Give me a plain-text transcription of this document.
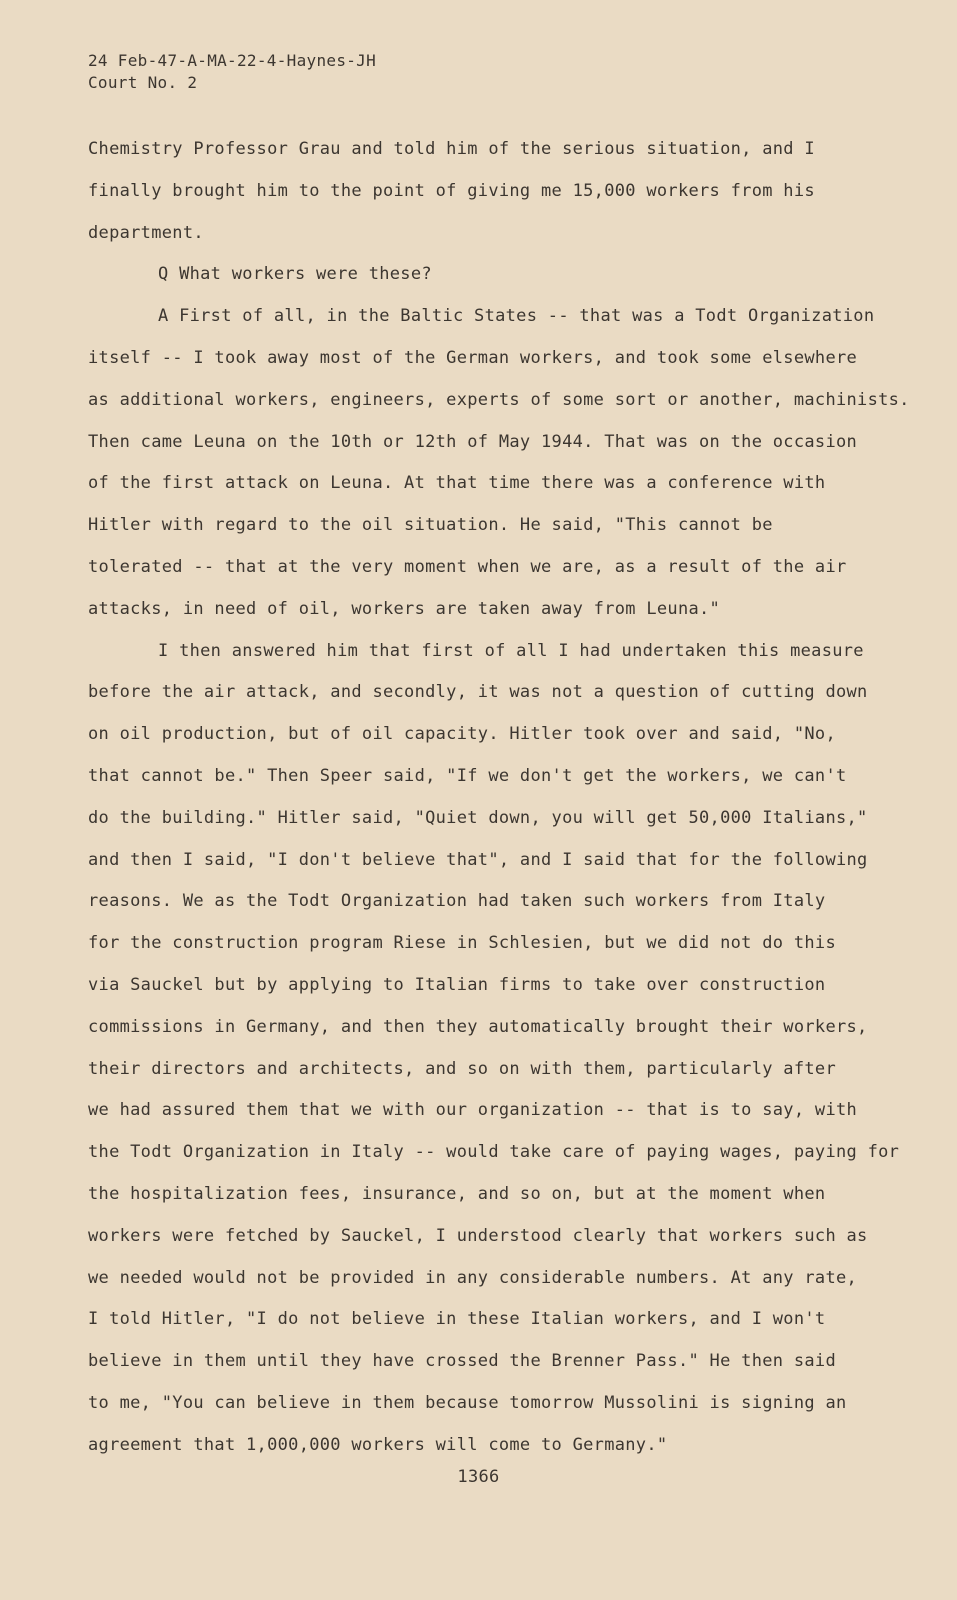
24 Feb-47-A-MA-22-4-Haynes-JH
Court No. 2
Chemistry Professor Grau and told him of the serious situation, and I
finally brought him to the point of giving me 15,000 workers from his
department.
Q What workers were these?
A First of all, in the Baltic States -- that was a Todt Organization
itself -- I took away most of the German workers, and took some elsewhere
as additional workers, engineers, experts of some sort or another, machinists.
Then came Leuna on the 10th or 12th of May 1944. That was on the occasion
of the first attack on Leuna. At that time there was a conference with
Hitler with regard to the oil situation. He said, "This cannot be
tolerated -- that at the very moment when we are, as a result of the air
attacks, in need of oil, workers are taken away from Leuna."
I then answered him that first of all I had undertaken this measure
before the air attack, and secondly, it was not a question of cutting down
on oil production, but of oil capacity. Hitler took over and said, "No,
that cannot be." Then Speer said, "If we don't get the workers, we can't
do the building." Hitler said, "Quiet down, you will get 50,000 Italians,"
and then I said, "I don't believe that", and I said that for the following
reasons. We as the Todt Organization had taken such workers from Italy
for the construction program Riese in Schlesien, but we did not do this
via Sauckel but by applying to Italian firms to take over construction
commissions in Germany, and then they automatically brought their workers,
their directors and architects, and so on with them, particularly after
we had assured them that we with our organization -- that is to say, with
the Todt Organization in Italy -- would take care of paying wages, paying for
the hospitalization fees, insurance, and so on, but at the moment when
workers were fetched by Sauckel, I understood clearly that workers such as
we needed would not be provided in any considerable numbers. At any rate,
I told Hitler, "I do not believe in these Italian workers, and I won't
believe in them until they have crossed the Brenner Pass." He then said
to me, "You can believe in them because tomorrow Mussolini is signing an
agreement that 1,000,000 workers will come to Germany."
1366
